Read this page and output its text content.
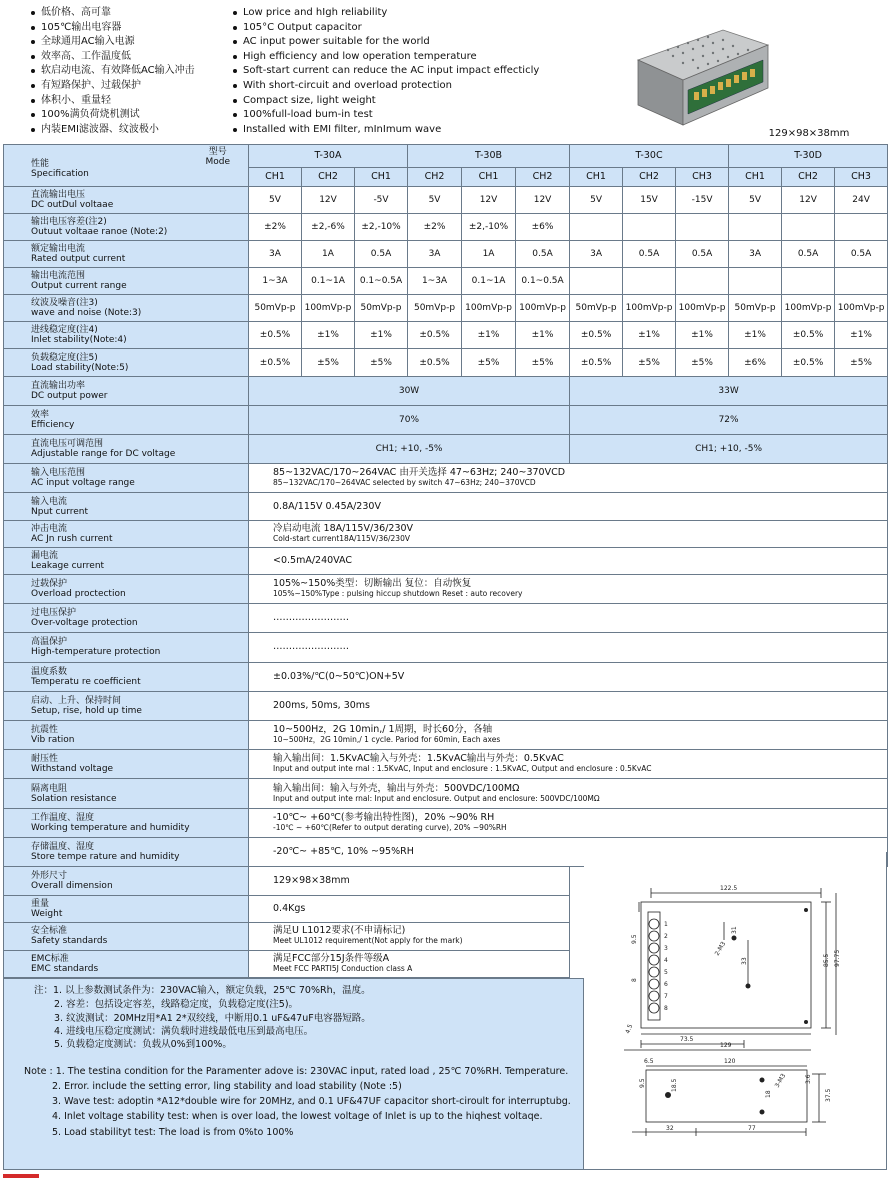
低价格、高可靠
105℃输出电容器
全球通用AC输入电源
效率高、工作温度低
软启动电流、有效降低AC输入冲击
有短路保护、过载保护
体积小、重量轻
100%满负荷烧机测试
内装EMI滤波器、纹波极小
Low price and hIgh reliability
105°C Output capacitor
AC input power suitable for the world
High efficiency and low operation temperature
Soft-start current can reduce the AC input impact effecticly
With short-circuit and overload protection
Compact size, light weight
100%full-load bum-in test
Installed with EMI filter, mInImum wave	129×98×38mm
性能
Specification
型号
Mode	T-30A			T-30B			T-30C			T-30D		
	CH1	CH2	CH1	CH2	CH1	CH2	CH1	CH2	CH3	CH1	CH2	CH3

直流输出电压
DC outDul voltaae	5V	12V	-5V	5V	12V	12V	5V	15V	-15V	5V	12V	24V

输出电压容差(注2)
Outuut voltaae ranoe (Note:2)	±2%	±2,-6%	±2,-10%	±2%	±2,-10%	±6%						

额定输出电流
Rated output current	3A	1A	0.5A	3A	1A	0.5A	3A	0.5A	0.5A	3A	0.5A	0.5A

输出电流范围
Output current range	1~3A	0.1~1A	0.1~0.5A	1~3A	0.1~1A	0.1~0.5A						

纹波及噪音(注3)
wave and noise (Note:3)	50mVp-p	100mVp-p	50mVp-p	50mVp-p	100mVp-p	100mVp-p	50mVp-p	100mVp-p	100mVp-p	50mVp-p	100mVp-p	100mVp-p

进线稳定度(注4)
Inlet stability(Note:4)	±0.5%	±1%	±1%	±0.5%	±1%	±1%	±0.5%	±1%	±1%	±1%	±0.5%	±1%

负载稳定度(注5)
Load stability(Note:5)	±0.5%	±5%	±5%	±0.5%	±5%	±5%	±0.5%	±5%	±5%	±6%	±0.5%	±5%

直流输出功率
DC output power	30W						33W					

效率
Efficiency	70%						72%					

直流电压可调范围
Adjustable range for DC voltage	CH1; +10, -5%						CH1; +10, -5%					

输入电压范围
AC input voltage range	85~132VAC/170~264VAC 由开关选择 47~63Hz; 240~370VCD
85~132VAC/170~264VAC selected by switch 47~63Hz; 240~370VCD											

输入电流
Nput current	0.8A/115V 0.45A/230V											

冲击电流
AC Jn rush current	冷启动电流 18A/115V/36/230V
Cold-start current18A/115V/36/230V											

漏电流
Leakage current	<0.5mA/240VAC											

过载保护
Overload proctection	105%~150%类型：切断输出 复位：自动恢复
105%~150%Type : pulsing hiccup shutdown Reset : auto recovery											

过电压保护
Over-voltage protection	……………………											

高温保护
High-temperature protection	……………………											

温度系数
Temperatu re coefficient	±0.03%/℃(0~50℃)ON+5V											

启动、上升、保持时间
Setup, rise, hold up time	200ms, 50ms, 30ms											

抗震性
Vib ration	10~500Hz，2G 10min,/ 1周期，时长60分，各轴
10~500Hz，2G 10min,/ 1 cycle. Pariod for 60min, Each axes											

耐压性
Withstand voltage	输入输出间：1.5KvAC输入与外壳：1.5KvAC输出与外壳：0.5KvAC
Input and output inte rnal : 1.5KvAC, Input and enclosure : 1.5KvAC, Output and enclosure : 0.5KvAC											

隔离电阻
Solation resistance	输入输出间：输入与外壳，输出与外壳：500VDC/100MΩ
Input and output inte rnal: Input and enclosure. Output and enclosure: 500VDC/100MΩ											

工作温度、湿度
Working temperature and humidity	-10℃~ +60℃(参考输出特性图)，20% ~90% RH
-10℃ ~ +60℃(Refer to output derating curve), 20% ~90%RH											

存储温度、湿度
Store tempe rature and humidity	-20℃~ +85℃, 10% ~95%RH											

外形尺寸
Overall dimension	129×98×38mm											

重量
Weight	0.4Kgs											

安全标准
Safety standards	满足U L1012要求(不申请标记)
Meet UL1012 requirement(Not apply for the mark)											

EMC标准
EMC standards	满足FCC部分15J条件等级A
Meet FCC PARTI5J Conduction class A											
注：1. 以上参数测试条件为：230VAC输入，额定负载，25℃ 70%Rh，温度。
2. 容差：包括设定容差，线路稳定度，负载稳定度(注5)。
3. 纹波测试：20MHz用*A1 2*双绞线，中断用0.1 uF&47uF电容器短路。
4. 进线电压稳定度测试：满负载时进线最低电压到最高电压。
5. 负载稳定度测试：负载从0%到100%。
Note : 1. The testina condition for the Paramenter adove is: 230VAC input, rated load , 25℃ 70%RH. Temperature.
2. Error. include the setting error, ling stability and load stability (Note :5)
3. Wave test: adoptin *A12*double wire for 20MHz, and 0.1 UF&47UF capacitor short-ciroult for interruptubg.
4. Inlet voltage stability test: when is over load, the lowest voltage of Inlet is up to the hiqhest voltaqe.
5. Load stabilityt test: The load is from 0%to 100%
122.5
129
73.5
85.5 97.75
31
33
9.5
8
4.5
2-M3
1
2
3
4
5
6
7
8
120
6.5
18.5
9.5
32	77
37.5
3.6
3-M3
18
